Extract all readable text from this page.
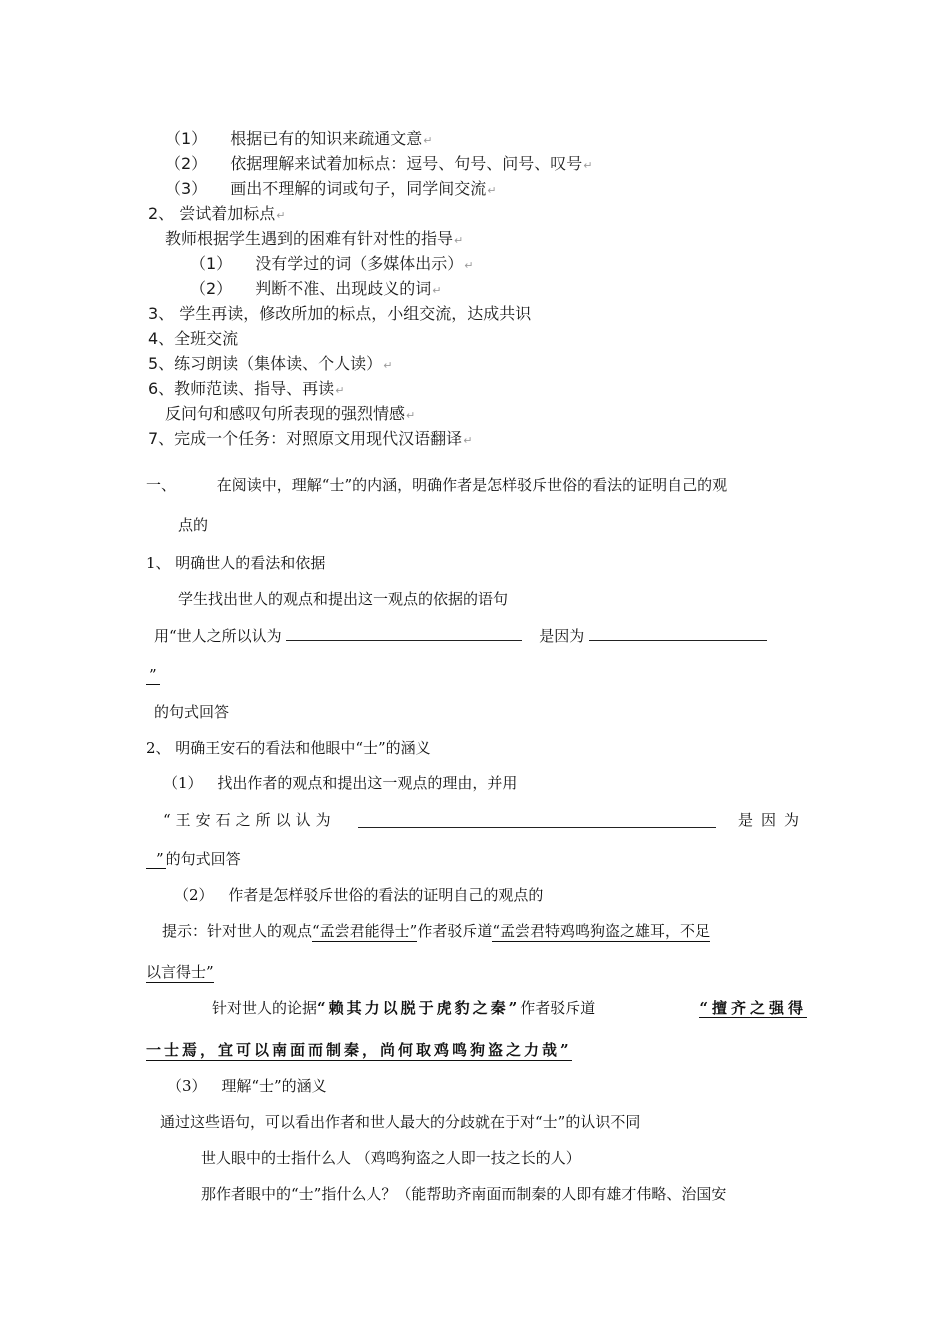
（1） 根据已有的知识来疏通文意↵
（2） 依据理解来试着加标点：逗号、句号、问号、叹号↵
（3） 画出不理解的词或句子，同学间交流↵
2、 尝试着加标点↵
教师根据学生遇到的困难有针对性的指导↵
（1） 没有学过的词（多媒体出示）↵
（2） 判断不准、出现歧义的词↵
3、 学生再读，修改所加的标点，小组交流，达成共识
4、全班交流
5、练习朗读（集体读、个人读）↵
6、教师范读、指导、再读↵
反问句和感叹句所表现的强烈情感↵
7、完成一个任务：对照原文用现代汉语翻译↵
一、	在阅读中，理解“士”的内涵，明确作者是怎样驳斥世俗的看法的证明自己的观
点的
1、 明确世人的看法和依据
学生找出世人的观点和提出这一观点的依据的语句
用“世人之所以认为	是因为
”
的句式回答
2、 明确王安石的看法和他眼中“士”的涵义
（1） 找出作者的观点和提出这一观点的理由，并用
“王安石之所以认为	是因为
” 的句式回答
（2） 作者是怎样驳斥世俗的看法的证明自己的观点的
提示：针对世人的观点“孟尝君能得士”作者驳斥道“孟尝君特鸡鸣狗盗之雄耳，不足
以言得士”
针对世人的论据“赖其力以脱于虎豹之秦”作者驳斥道	“擅齐之强得
一士焉，宜可以南面而制秦，尚何取鸡鸣狗盗之力哉”
（3） 理解“士”的涵义
通过这些语句，可以看出作者和世人最大的分歧就在于对“士”的认识不同
世人眼中的士指什么人 （鸡鸣狗盗之人即一技之长的人）
那作者眼中的“士”指什么人？（能帮助齐南面而制秦的人即有雄才伟略、治国安
